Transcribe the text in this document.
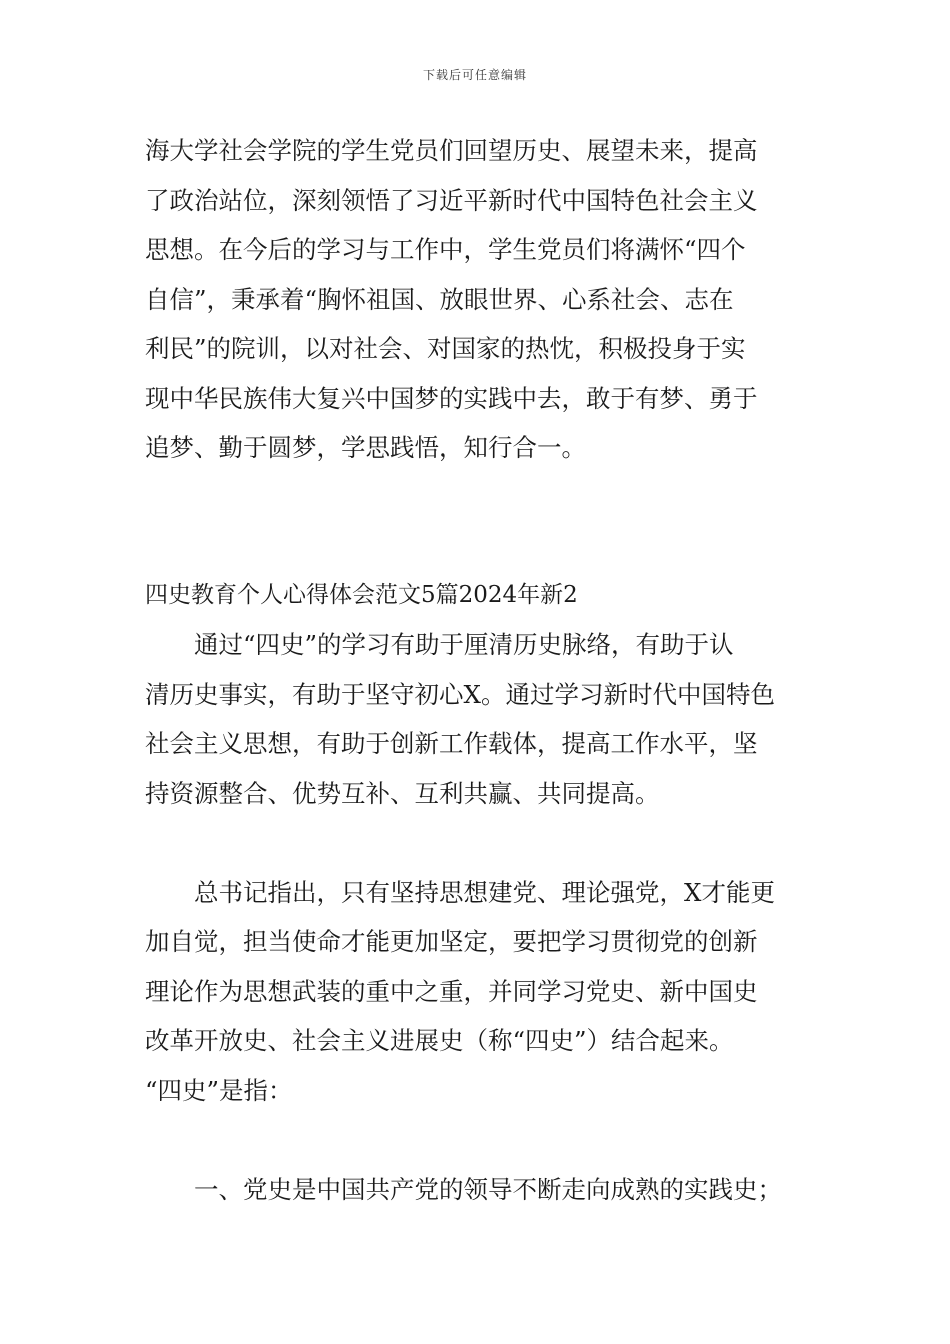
下载后可任意编辑
海大学社会学院的学生党员们回望历史、展望未来，提高
了政治站位，深刻领悟了习近平新时代中国特色社会主义
思想。在今后的学习与工作中，学生党员们将满怀“四个
自信”，秉承着“胸怀祖国、放眼世界、心系社会、志在
利民”的院训，以对社会、对国家的热忱，积极投身于实
现中华民族伟大复兴中国梦的实践中去，敢于有梦、勇于
追梦、勤于圆梦，学思践悟，知行合一。
四史教育个人心得体会范文5篇2024年新2
通过“四史”的学习有助于厘清历史脉络，有助于认
清历史事实，有助于坚守初心X。通过学习新时代中国特色
社会主义思想，有助于创新工作载体，提高工作水平，坚
持资源整合、优势互补、互利共赢、共同提高。
总书记指出，只有坚持思想建党、理论强党，X才能更
加自觉，担当使命才能更加坚定，要把学习贯彻党的创新
理论作为思想武装的重中之重，并同学习党史、新中国史
改革开放史、社会主义进展史（称“四史”）结合起来。
“四史”是指：
一、党史是中国共产党的领导不断走向成熟的实践史；
